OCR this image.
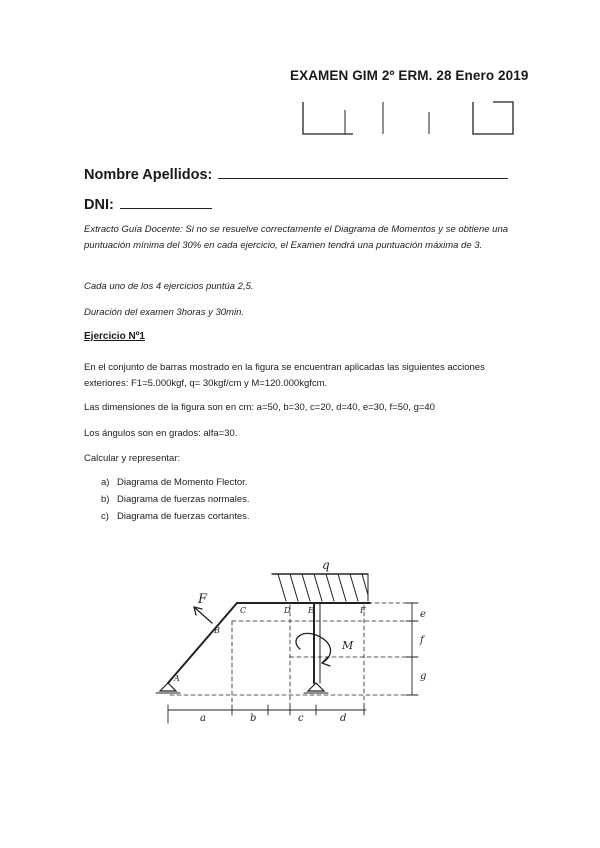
EXAMEN GIM 2º ERM. 28 Enero 2019
Nombre Apellidos:
DNI:
Extracto Guía Docente: Si no se resuelve correctamente el Diagrama de Momentos y se obtiene una puntuación mínima del 30% en cada ejercicio, el Examen tendrá una puntuación máxima de 3.
Cada uno de los 4 ejercicios puntúa 2,5.
Duración del examen 3horas y 30min.
Ejercicio Nº1
En el conjunto de barras mostrado en la figura se encuentran aplicadas las siguientes acciones exteriores: F1=5.000kgf, q= 30kgf/cm y M=120.000kgfcm.
Las dimensiones de la figura son en cm: a=50, b=30, c=20, d=40, e=30, f=50, g=40
Los ángulos son en grados: alfa=30.
Calcular y representar:
a) Diagrama de Momento Flector.
b) Diagrama de fuerzas normales.
c) Diagrama de fuerzas cortantes.
q
F
M
a	b	c	d
e
f
g
A
B
C	D E	F
